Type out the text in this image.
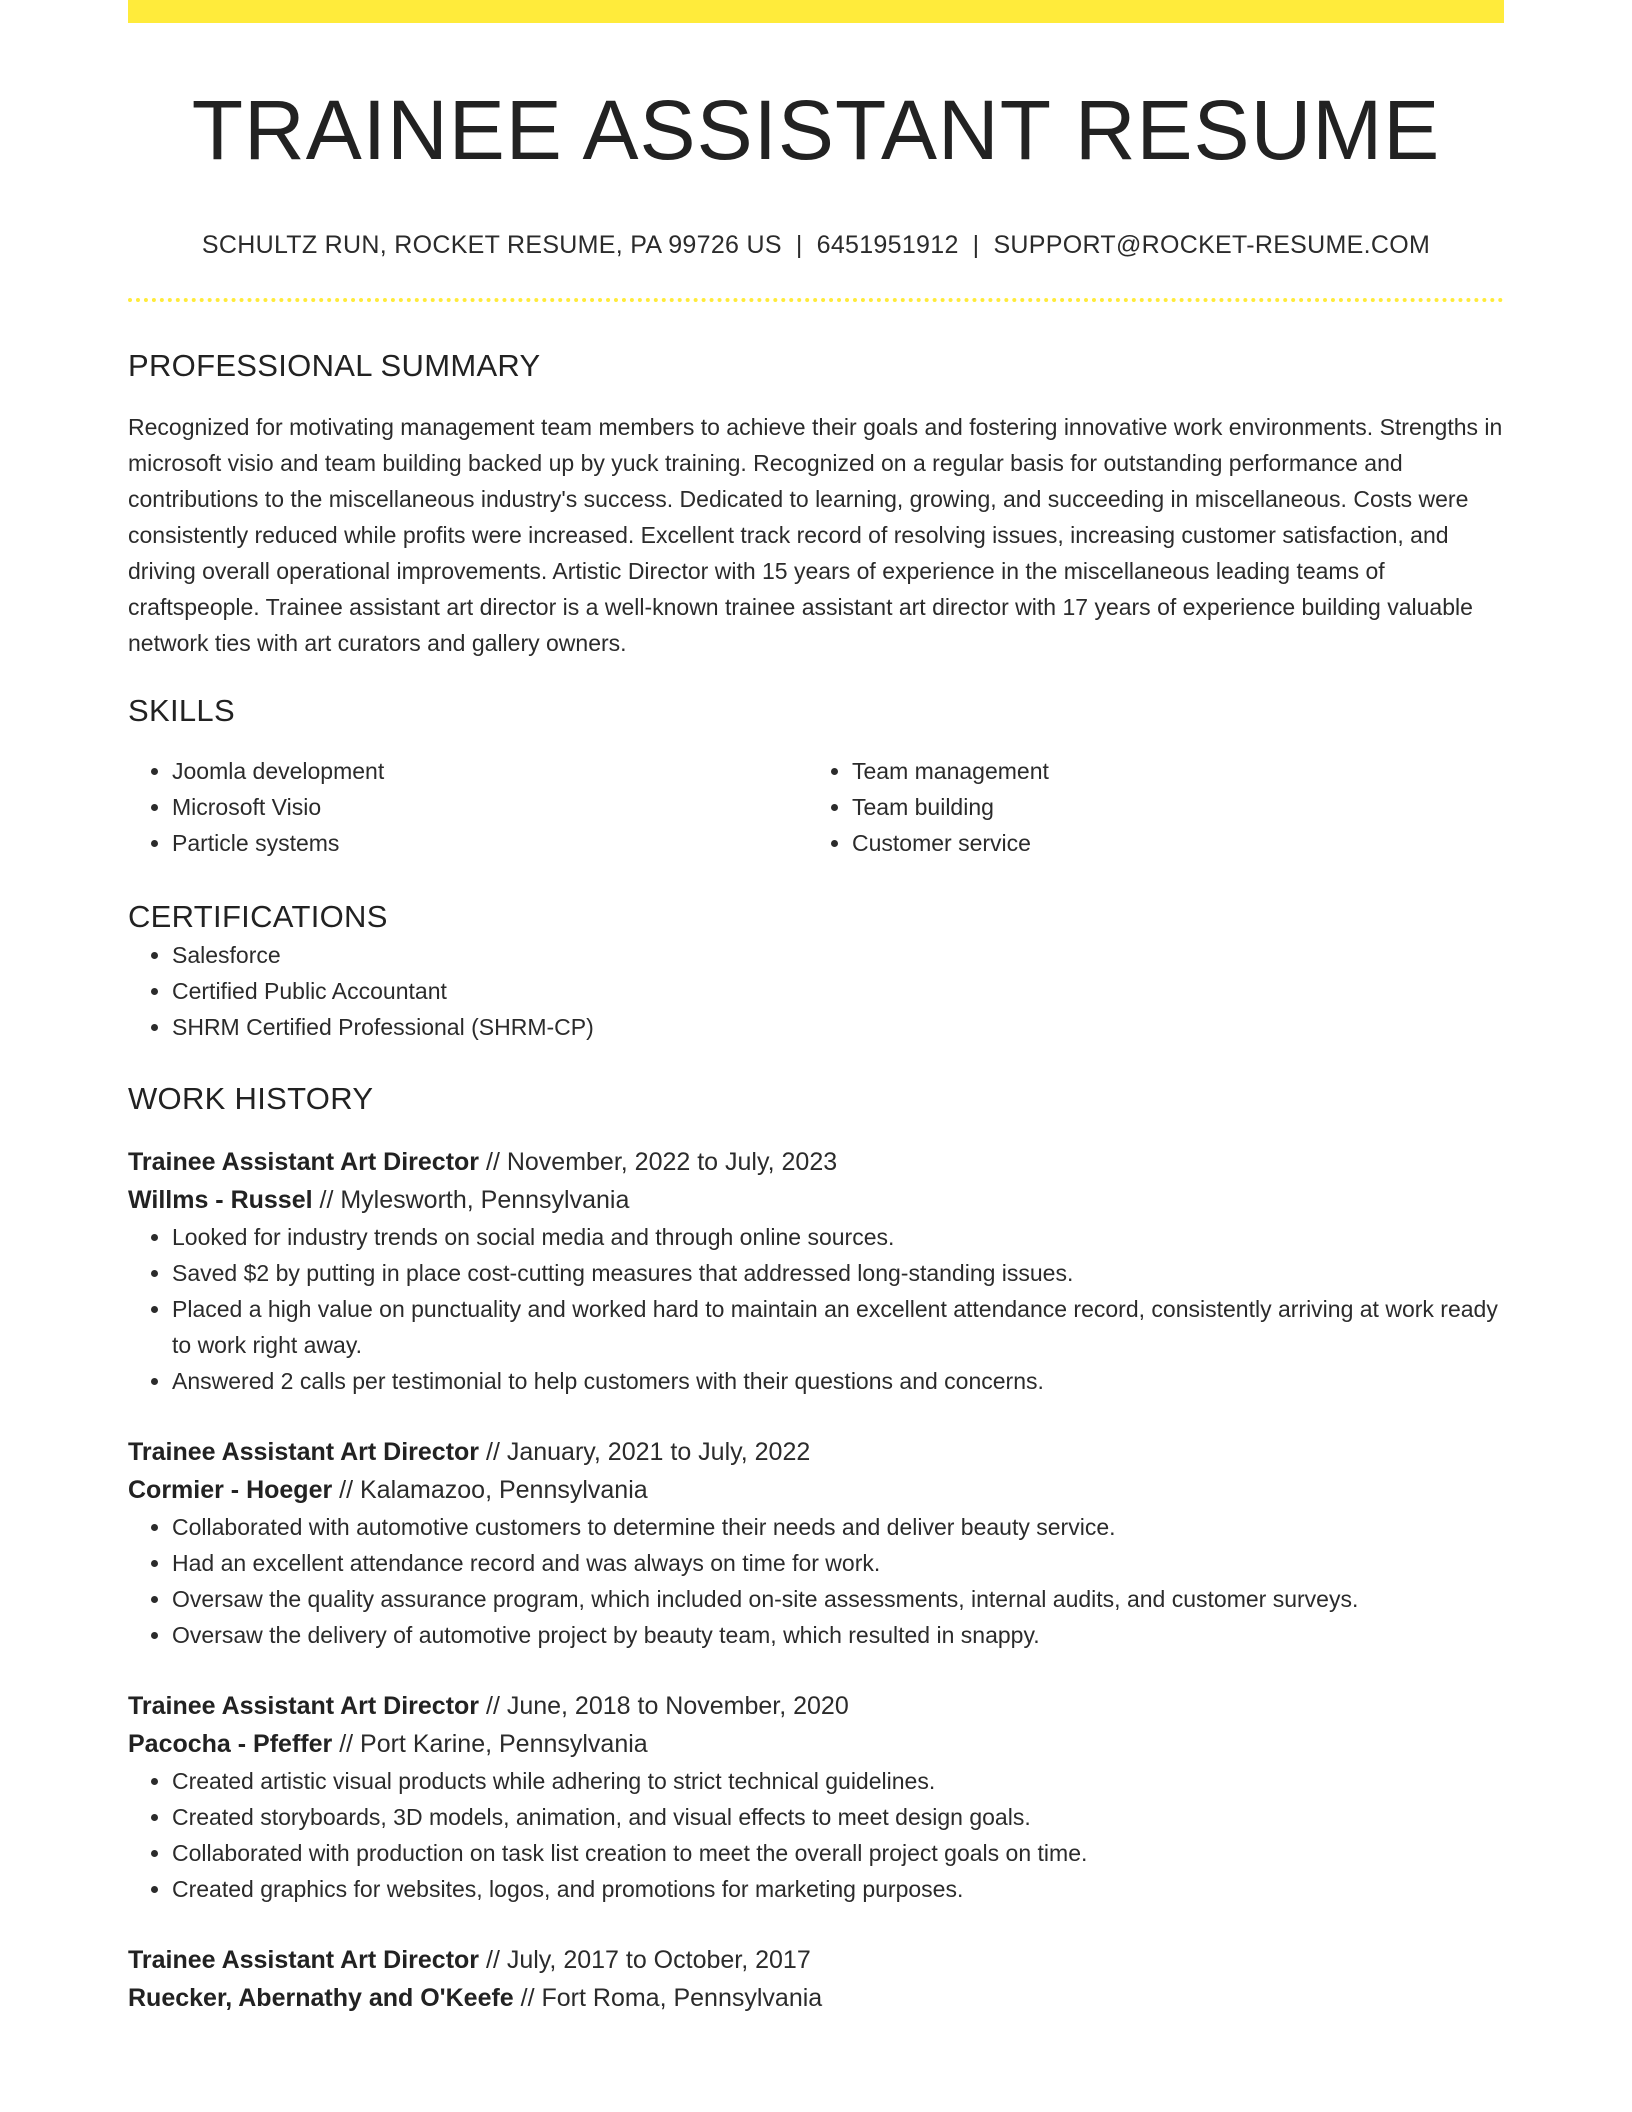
TRAINEE ASSISTANT RESUME
SCHULTZ RUN, ROCKET RESUME, PA 99726 US | 6451951912 | SUPPORT@ROCKET-RESUME.COM
PROFESSIONAL SUMMARY

Recognized for motivating management team members to achieve their goals and fostering innovative work environments. Strengths in microsoft visio and team building backed up by yuck training. Recognized on a regular basis for outstanding performance and contributions to the miscellaneous industry's success. Dedicated to learning, growing, and succeeding in miscellaneous. Costs were consistently reduced while profits were increased. Excellent track record of resolving issues, increasing customer satisfaction, and driving overall operational improvements. Artistic Director with 15 years of experience in the miscellaneous leading teams of craftspeople. Trainee assistant art director is a well-known trainee assistant art director with 17 years of experience building valuable network ties with art curators and gallery owners.

SKILLS
• Joomla development
• Microsoft Visio
• Particle systems
• Team management
• Team building
• Customer service
CERTIFICATIONS
• Salesforce
• Certified Public Accountant
• SHRM Certified Professional (SHRM-CP)
WORK HISTORY
Trainee Assistant Art Director // November, 2022 to July, 2023
Willms - Russel // Mylesworth, Pennsylvania
• Looked for industry trends on social media and through online sources.
• Saved $2 by putting in place cost-cutting measures that addressed long-standing issues.
• Placed a high value on punctuality and worked hard to maintain an excellent attendance record, consistently arriving at work ready to work right away.
• Answered 2 calls per testimonial to help customers with their questions and concerns.
Trainee Assistant Art Director // January, 2021 to July, 2022
Cormier - Hoeger // Kalamazoo, Pennsylvania
• Collaborated with automotive customers to determine their needs and deliver beauty service.
• Had an excellent attendance record and was always on time for work.
• Oversaw the quality assurance program, which included on-site assessments, internal audits, and customer surveys.
• Oversaw the delivery of automotive project by beauty team, which resulted in snappy.
Trainee Assistant Art Director // June, 2018 to November, 2020
Pacocha - Pfeffer // Port Karine, Pennsylvania
• Created artistic visual products while adhering to strict technical guidelines.
• Created storyboards, 3D models, animation, and visual effects to meet design goals.
• Collaborated with production on task list creation to meet the overall project goals on time.
• Created graphics for websites, logos, and promotions for marketing purposes.
Trainee Assistant Art Director // July, 2017 to October, 2017
Ruecker, Abernathy and O'Keefe // Fort Roma, Pennsylvania
